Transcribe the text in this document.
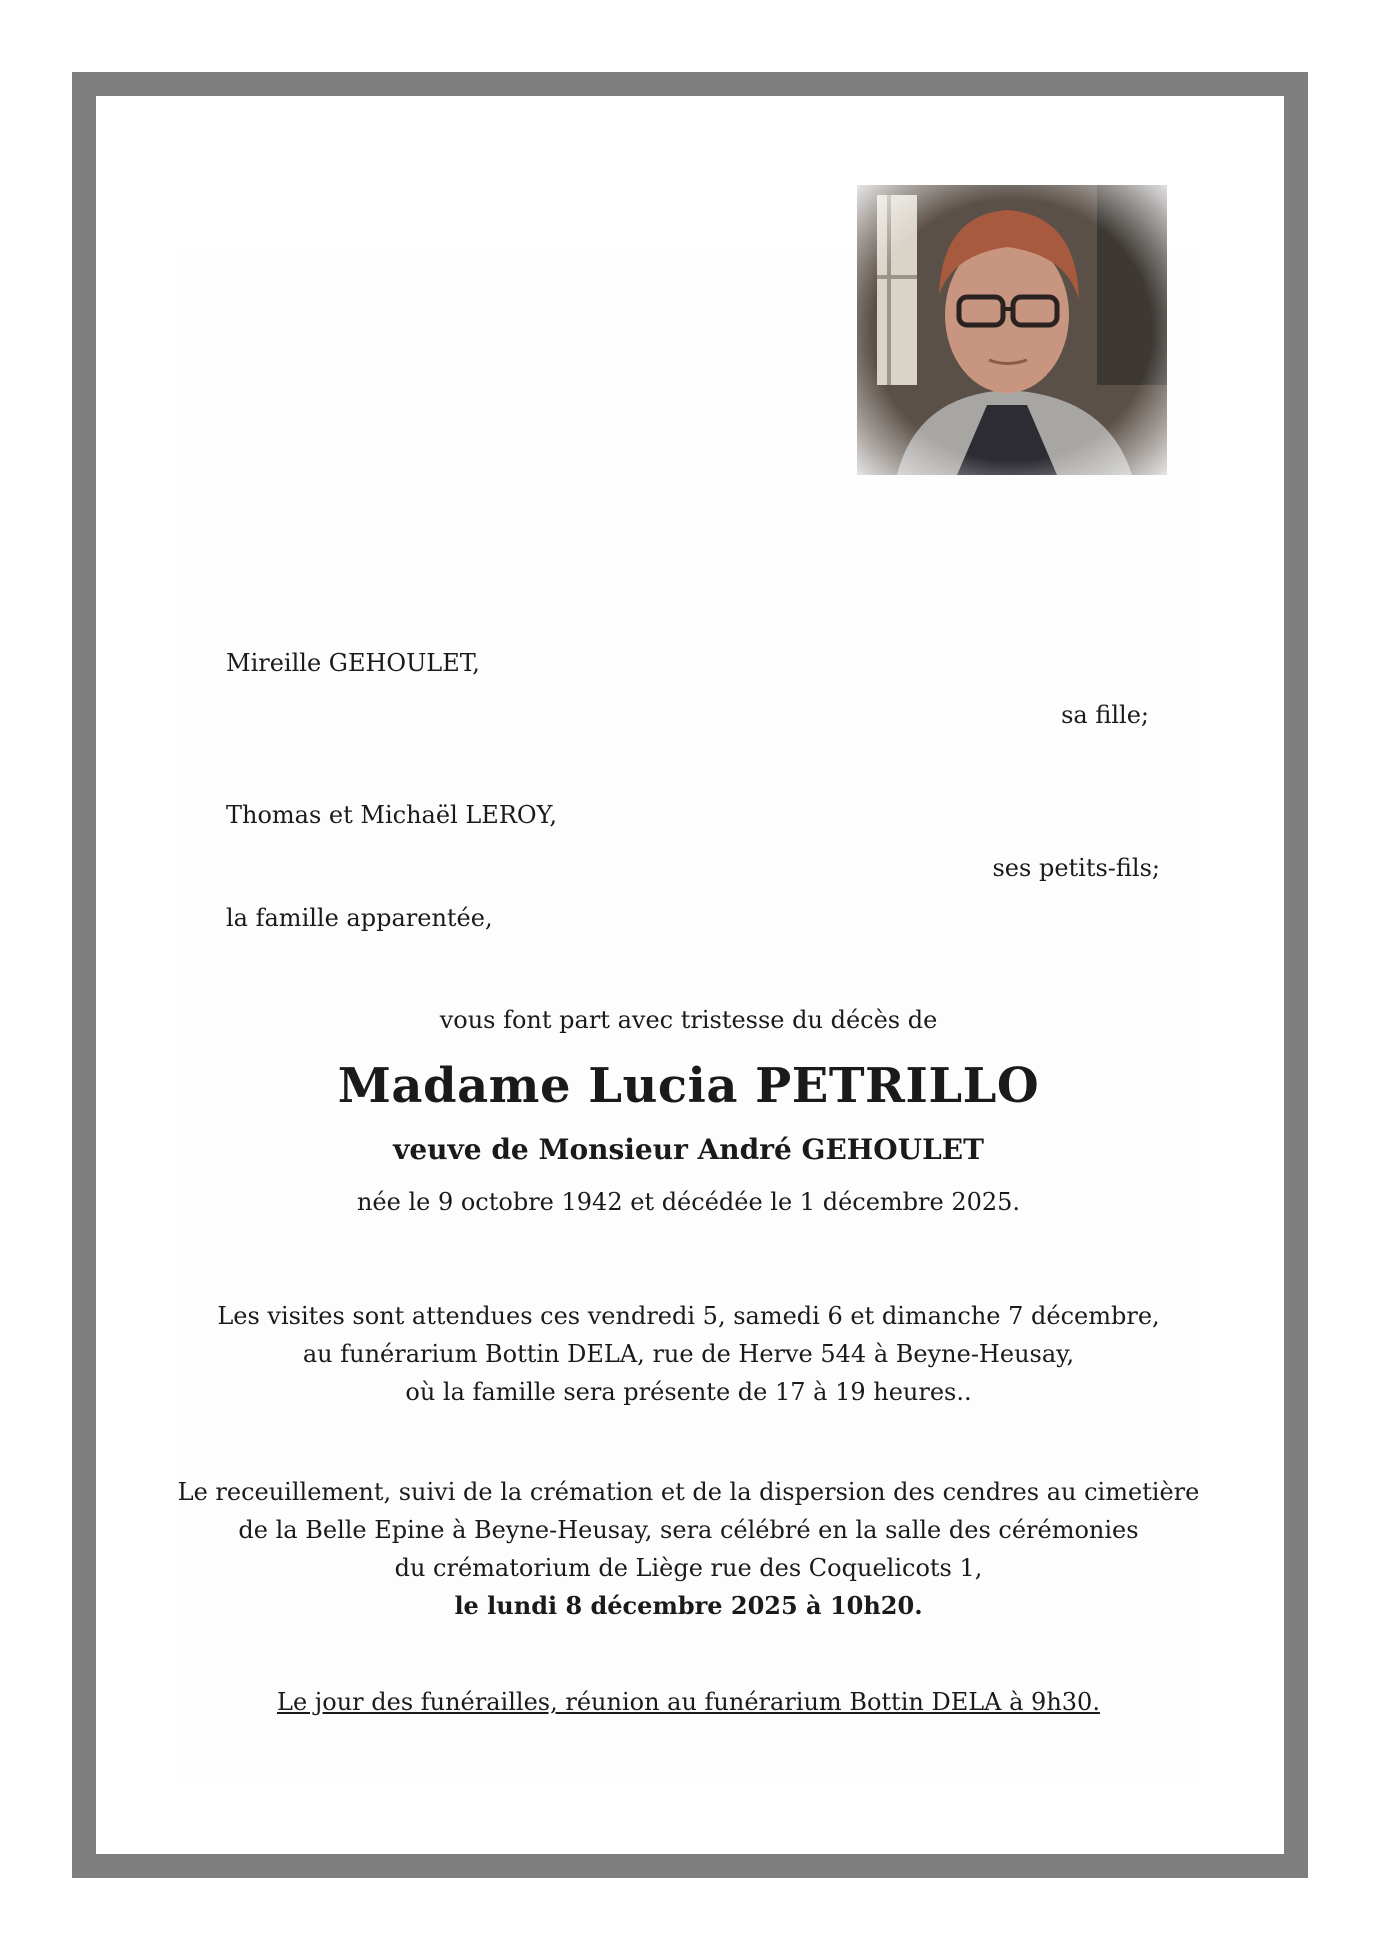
Mireille GEHOULET,
sa fille;
Thomas et Michaël LEROY,
ses petits-fils;
la famille apparentée,
vous font part avec tristesse du décès de
Madame Lucia PETRILLO
veuve de Monsieur André GEHOULET
née le 9 octobre 1942 et décédée le 1 décembre 2025.
Les visites sont attendues ces vendredi 5, samedi 6 et dimanche 7 décembre,
au funérarium Bottin DELA, rue de Herve 544 à Beyne-Heusay,
où la famille sera présente de 17 à 19 heures..
Le receuillement, suivi de la crémation et de la dispersion des cendres au cimetière
de la Belle Epine à Beyne-Heusay, sera célébré en la salle des cérémonies
du crématorium de Liège rue des Coquelicots 1,
le lundi 8 décembre 2025 à 10h20.
Le jour des funérailles, réunion au funérarium Bottin DELA à 9h30.
